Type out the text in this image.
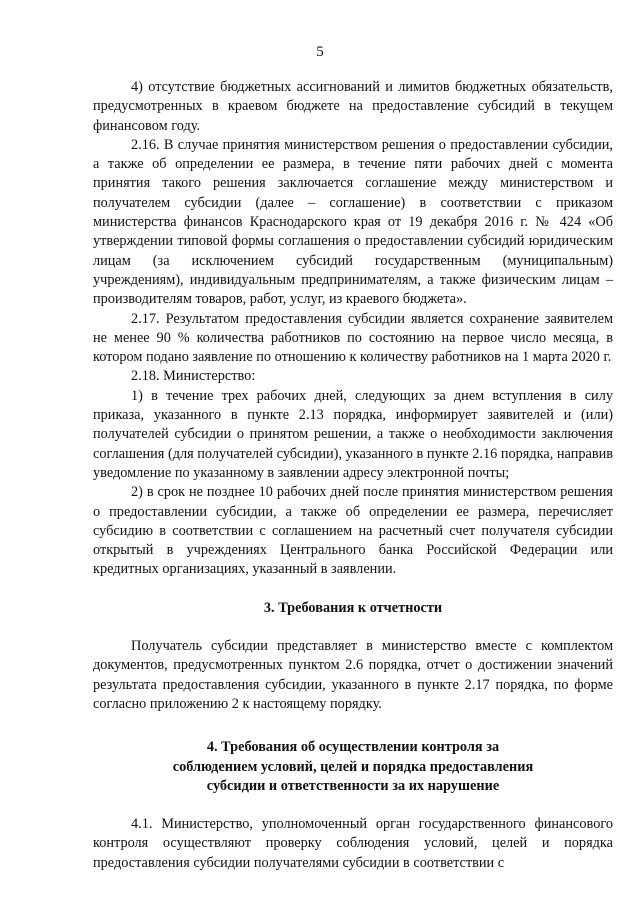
5

4) отсутствие бюджетных ассигнований и лимитов бюджетных обязательств, предусмотренных в краевом бюджете на предоставление субсидий в текущем финансовом году.

2.16. В случае принятия министерством решения о предоставлении субсидии, а также об определении ее размера, в течение пяти рабочих дней с момента принятия такого решения заключается соглашение между министерством и получателем субсидии (далее – соглашение) в соответствии с приказом министерства финансов Краснодарского края от 19 декабря 2016 г. № 424 «Об утверждении типовой формы соглашения о предоставлении субсидий юридическим лицам (за исключением субсидий государственным (муниципальным) учреждениям), индивидуальным предпринимателям, а также физическим лицам – производителям товаров, работ, услуг, из краевого бюджета».

2.17. Результатом предоставления субсидии является сохранение заявителем не менее 90 % количества работников по состоянию на первое число месяца, в котором подано заявление по отношению к количеству работников на 1 марта 2020 г.

2.18. Министерство:

1) в течение трех рабочих дней, следующих за днем вступления в силу приказа, указанного в пункте 2.13 порядка, информирует заявителей и (или) получателей субсидии о принятом решении, а также о необходимости заключения соглашения (для получателей субсидии), указанного в пункте 2.16 порядка, направив уведомление по указанному в заявлении адресу электронной почты;

2) в срок не позднее 10 рабочих дней после принятия министерством решения о предоставлении субсидии, а также об определении ее размера, перечисляет субсидию в соответствии с соглашением на расчетный счет получателя субсидии открытый в учреждениях Центрального банка Российской Федерации или кредитных организациях, указанный в заявлении.

3. Требования к отчетности

Получатель субсидии представляет в министерство вместе с комплектом документов, предусмотренных пунктом 2.6 порядка, отчет о достижении значений результата предоставления субсидии, указанного в пункте 2.17 порядка, по форме согласно приложению 2 к настоящему порядку.

4. Требования об осуществлении контроля за

соблюдением условий, целей и порядка предоставления

субсидии и ответственности за их нарушение

4.1. Министерство, уполномоченный орган государственного финансового контроля осуществляют проверку соблюдения условий, целей и порядка предоставления субсидии получателями субсидии в соответствии с
